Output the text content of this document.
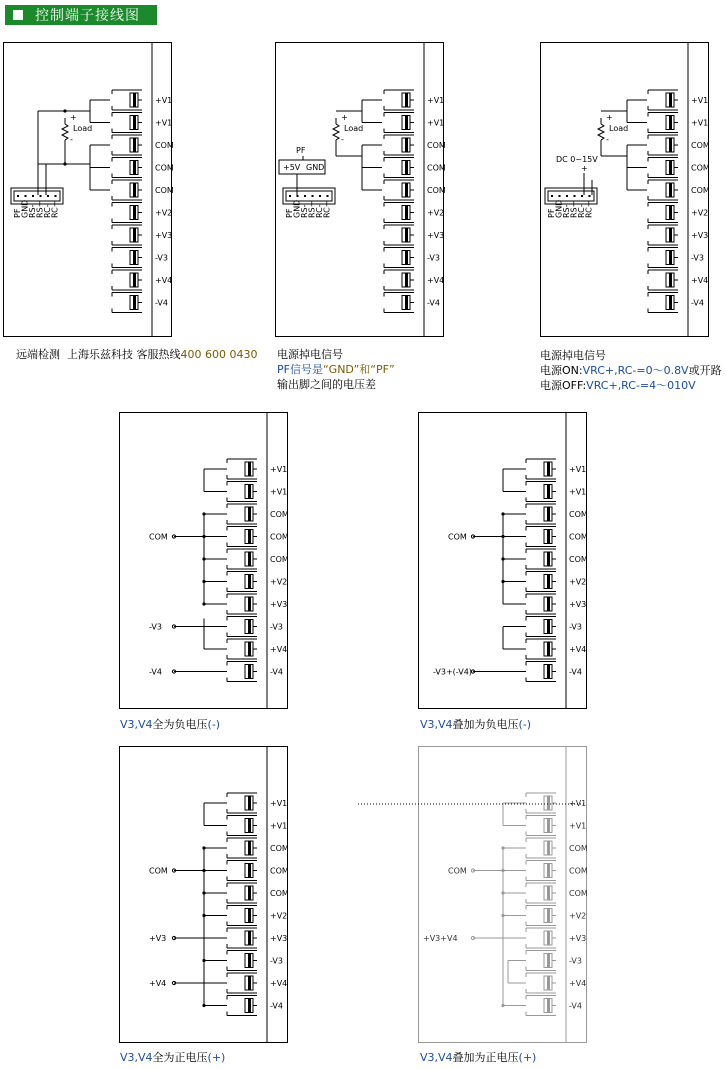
控制端子接线图
+V1
+V1
COM
COM
COM
+V2
+V3
-V3
+V4
-V4
+
Load
-
PF
GND
RS-
RS+
RC-
RC+
+V1
+V1
COM
COM
COM
+V2
+V3
-V3
+V4
-V4
+
Load
-
PF
GND
RS-
RS+
RC-
RC+
+5V GND
PF
+V1
+V1
COM
COM
COM
+V2
+V3
-V3
+V4
-V4
+
Load
-
PF
GND
RS-
RS+
RC-
RC+
DC 0~15V
+
+V1
+V1
COM
COM
COM
+V2
+V3
-V3
+V4
-V4
COM
-V3
-V4
+V1
+V1
COM
COM
COM
+V2
+V3
-V3
+V4
-V4
COM
-V3+(-V4)
+V1
+V1
COM
COM
COM
+V2
+V3
-V3
+V4
-V4
COM
+V3
+V4
+V1
+V1
COM
COM
COM
+V2
+V3
-V3
+V4
-V4
COM
+V3+V4
远端检测 上海乐兹科技 客服热线400 600 0430 电源掉电信号
PF信号是“GND”和“PF”
输出脚之间的电压差
电源掉电信号
电源ON:VRC+,RC-=0～0.8V或开路
电源OFF:VRC+,RC-=4～010V
V3,V4全为负电压(-)	V3,V4叠加为负电压(-)
V3,V4全为正电压(+)	V3,V4叠加为正电压(+)
